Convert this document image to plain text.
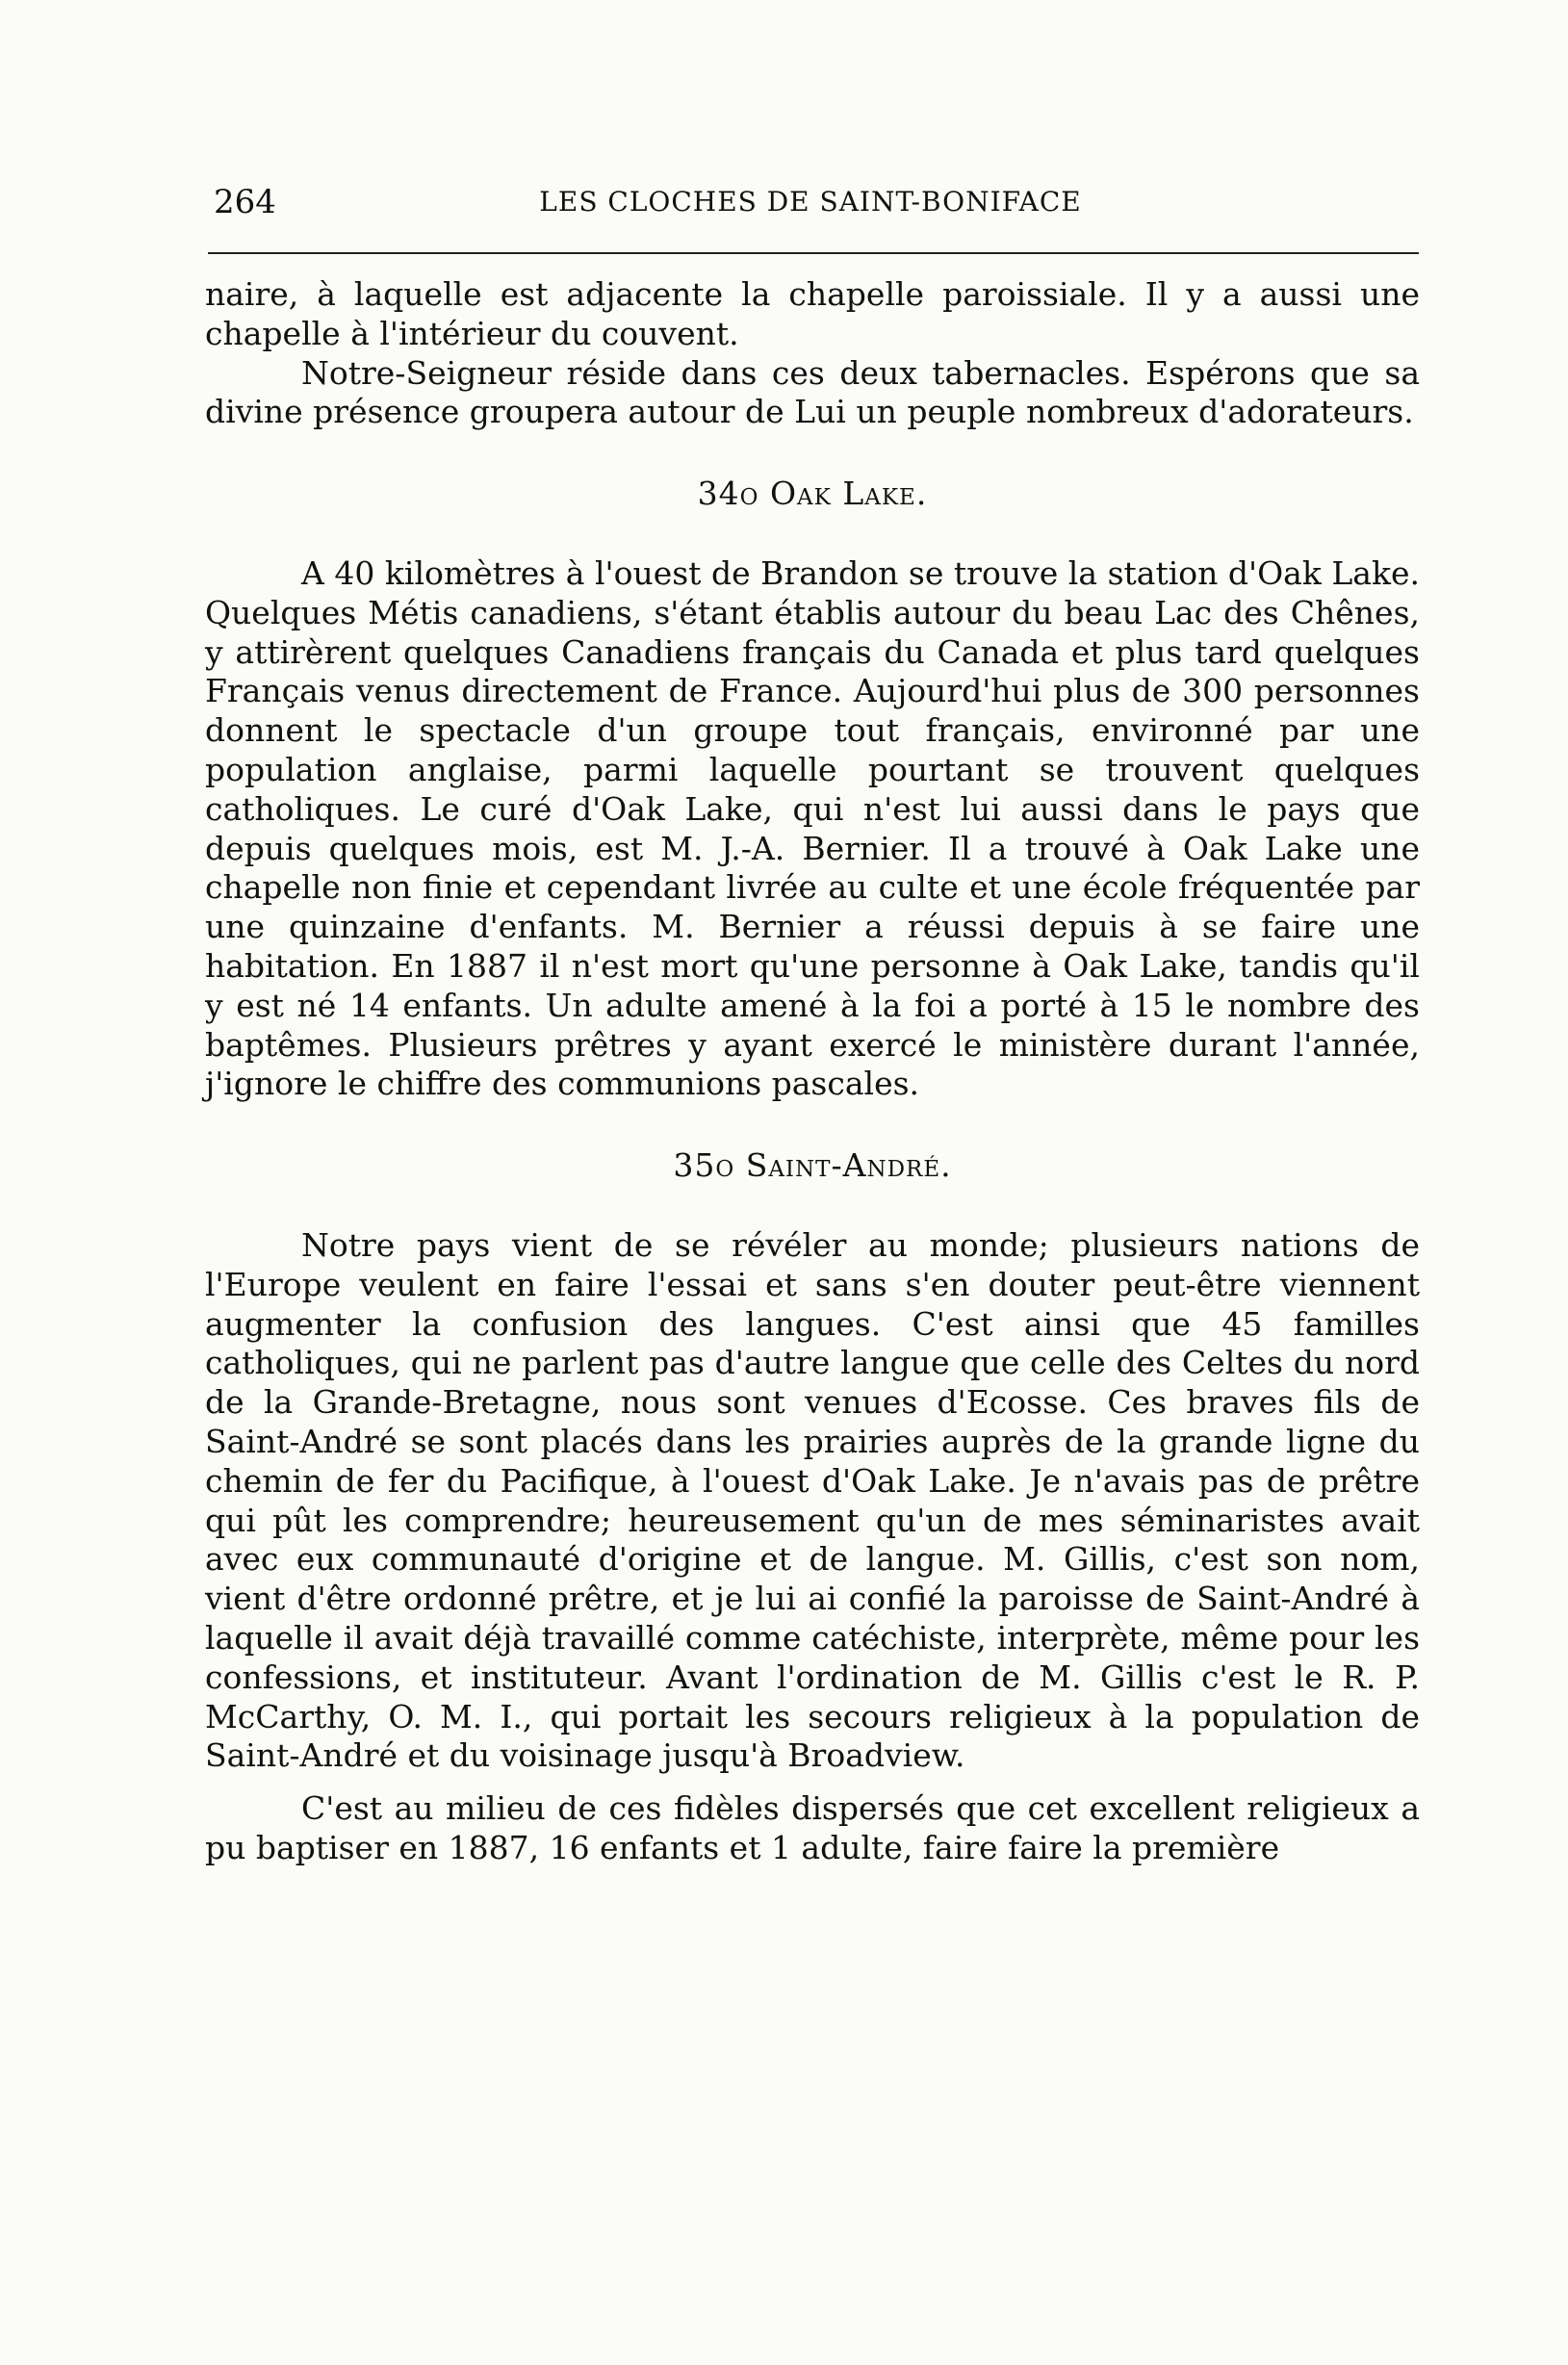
264	LES CLOCHES DE SAINT-BONIFACE

naire, à laquelle est adjacente la chapelle paroissiale. Il y a aussi une chapelle à l'intérieur du couvent.

Notre-Seigneur réside dans ces deux tabernacles. Espérons que sa divine présence groupera autour de Lui un peuple nombreux d'adorateurs.

34o Oak Lake.

A 40 kilomètres à l'ouest de Brandon se trouve la station d'Oak Lake. Quelques Métis canadiens, s'étant établis autour du beau Lac des Chênes, y attirèrent quelques Canadiens français du Canada et plus tard quelques Français venus directement de France. Aujourd'hui plus de 300 personnes donnent le spectacle d'un groupe tout français, environné par une population anglaise, parmi laquelle pourtant se trouvent quelques catholiques. Le curé d'Oak Lake, qui n'est lui aussi dans le pays que depuis quelques mois, est M. J.-A. Bernier. Il a trouvé à Oak Lake une chapelle non finie et cependant livrée au culte et une école fréquentée par une quinzaine d'enfants. M. Bernier a réussi depuis à se faire une habitation. En 1887 il n'est mort qu'une personne à Oak Lake, tandis qu'il y est né 14 enfants. Un adulte amené à la foi a porté à 15 le nombre des baptêmes. Plusieurs prêtres y ayant exercé le ministère durant l'année, j'ignore le chiffre des communions pascales.

35o Saint-André.

Notre pays vient de se révéler au monde; plusieurs nations de l'Europe veulent en faire l'essai et sans s'en douter peut-être viennent augmenter la confusion des langues. C'est ainsi que 45 familles catholiques, qui ne parlent pas d'autre langue que celle des Celtes du nord de la Grande-Bretagne, nous sont venues d'Ecosse. Ces braves fils de Saint-André se sont placés dans les prairies auprès de la grande ligne du chemin de fer du Pacifique, à l'ouest d'Oak Lake. Je n'avais pas de prêtre qui pût les comprendre; heureusement qu'un de mes séminaristes avait avec eux communauté d'origine et de langue. M. Gillis, c'est son nom, vient d'être ordonné prêtre, et je lui ai confié la paroisse de Saint-André à laquelle il avait déjà travaillé comme catéchiste, interprète, même pour les confessions, et instituteur. Avant l'ordination de M. Gillis c'est le R. P. McCarthy, O. M. I., qui portait les secours religieux à la population de Saint-André et du voisinage jusqu'à Broadview.

C'est au milieu de ces fidèles dispersés que cet excellent religieux a pu baptiser en 1887, 16 enfants et 1 adulte, faire faire la première
